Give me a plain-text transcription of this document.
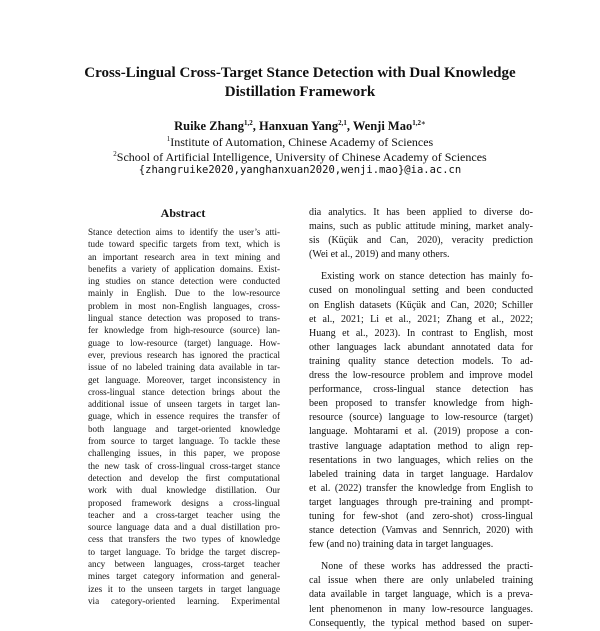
Cross-Lingual Cross-Target Stance Detection with Dual Knowledge
Distillation Framework
Ruike Zhang$^{1,2}$, Hanxuan Yang$^{2,1}$, Wenji Mao$^{1,2∗}$
$^1$Institute of Automation, Chinese Academy of Sciences
$^2$School of Artificial Intelligence, University of Chinese Academy of Sciences
{zhangruike2020,yanghanxuan2020,wenji.mao}@ia.ac.cn
Abstract
Stance detection aims to identify the user’s atti-
tude toward specific targets from text, which is
an important research area in text mining and
benefits a variety of application domains. Exist-
ing studies on stance detection were conducted
mainly in English. Due to the low-resource
problem in most non-English languages, cross-
lingual stance detection was proposed to trans-
fer knowledge from high-resource (source) lan-
guage to low-resource (target) language. How-
ever, previous research has ignored the practical
issue of no labeled training data available in tar-
get language. Moreover, target inconsistency in
cross-lingual stance detection brings about the
additional issue of unseen targets in target lan-
guage, which in essence requires the transfer of
both language and target-oriented knowledge
from source to target language. To tackle these
challenging issues, in this paper, we propose
the new task of cross-lingual cross-target stance
detection and develop the first computational
work with dual knowledge distillation. Our
proposed framework designs a cross-lingual
teacher and a cross-target teacher using the
source language data and a dual distillation pro-
cess that transfers the two types of knowledge
to target language. To bridge the target discrep-
ancy between languages, cross-target teacher
mines target category information and general-
izes it to the unseen targets in target language
via category-oriented learning. Experimental
dia analytics. It has been applied to diverse do-
mains, such as public attitude mining, market analy-
sis (Küçük and Can, 2020), veracity prediction
(Wei et al., 2019) and many others.
Existing work on stance detection has mainly fo-
cused on monolingual setting and been conducted
on English datasets (Küçük and Can, 2020; Schiller
et al., 2021; Li et al., 2021; Zhang et al., 2022;
Huang et al., 2023). In contrast to English, most
other languages lack abundant annotated data for
training quality stance detection models. To ad-
dress the low-resource problem and improve model
performance, cross-lingual stance detection has
been proposed to transfer knowledge from high-
resource (source) language to low-resource (target)
language. Mohtarami et al. (2019) propose a con-
trastive language adaptation method to align rep-
resentations in two languages, which relies on the
labeled training data in target language. Hardalov
et al. (2022) transfer the knowledge from English to
target languages through pre-training and prompt-
tuning for few-shot (and zero-shot) cross-lingual
stance detection (Vamvas and Sennrich, 2020) with
few (and no) training data in target languages.
None of these works has addressed the practi-
cal issue when there are only unlabeled training
data available in target language, which is a preva-
lent phenomenon in many low-resource languages.
Consequently, the typical method based on super-
